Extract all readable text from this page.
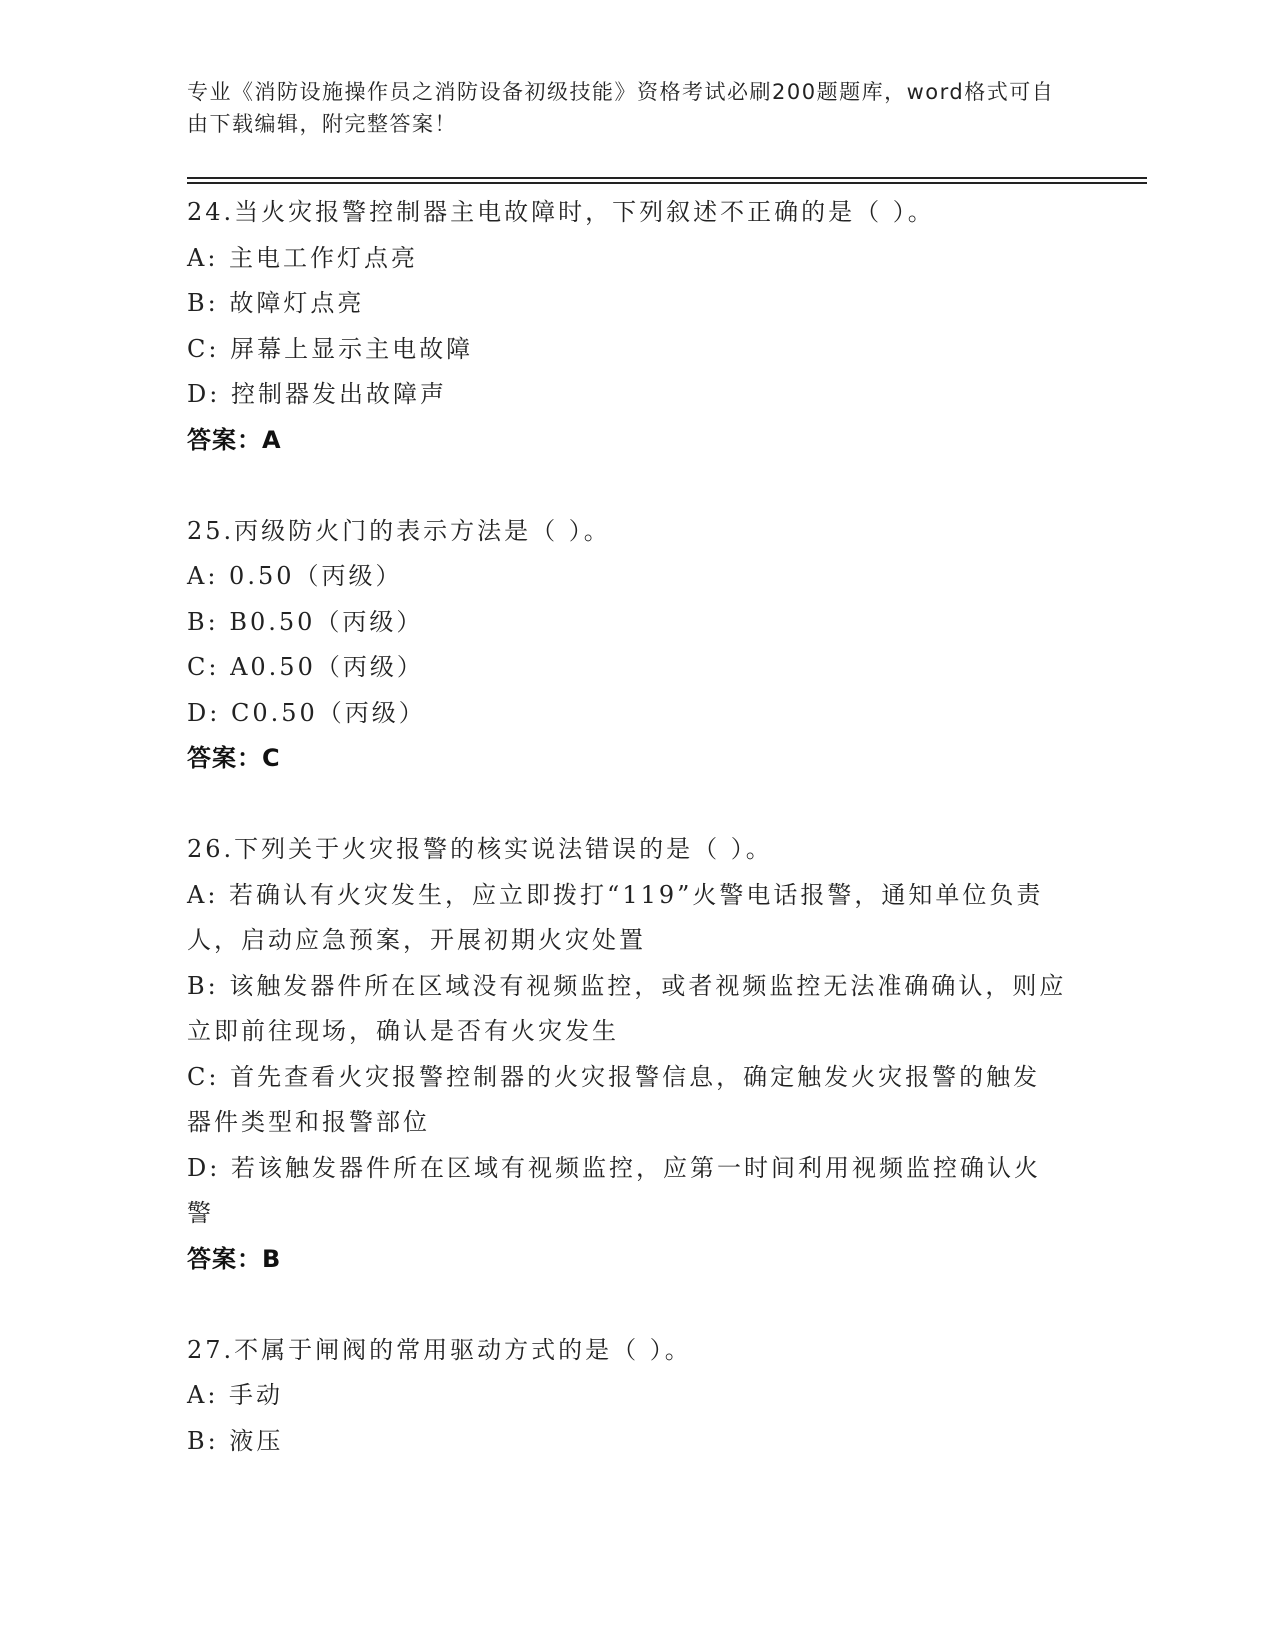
专业《消防设施操作员之消防设备初级技能》资格考试必刷200题题库，word格式可自由下载编辑，附完整答案！
24.当火灾报警控制器主电故障时，下列叙述不正确的是（ ）。
A: 主电工作灯点亮
B: 故障灯点亮
C: 屏幕上显示主电故障
D: 控制器发出故障声
答案：A
25.丙级防火门的表示方法是（ ）。
A: 0.50（丙级）
B: B0.50（丙级）
C: A0.50（丙级）
D: C0.50（丙级）
答案：C
26.下列关于火灾报警的核实说法错误的是（ ）。
A: 若确认有火灾发生，应立即拨打“119”火警电话报警，通知单位负责人，启动应急预案，开展初期火灾处置
B: 该触发器件所在区域没有视频监控，或者视频监控无法准确确认，则应立即前往现场，确认是否有火灾发生
C: 首先查看火灾报警控制器的火灾报警信息，确定触发火灾报警的触发器件类型和报警部位
D: 若该触发器件所在区域有视频监控，应第一时间利用视频监控确认火警
答案：B
27.不属于闸阀的常用驱动方式的是（ ）。
A: 手动
B: 液压
